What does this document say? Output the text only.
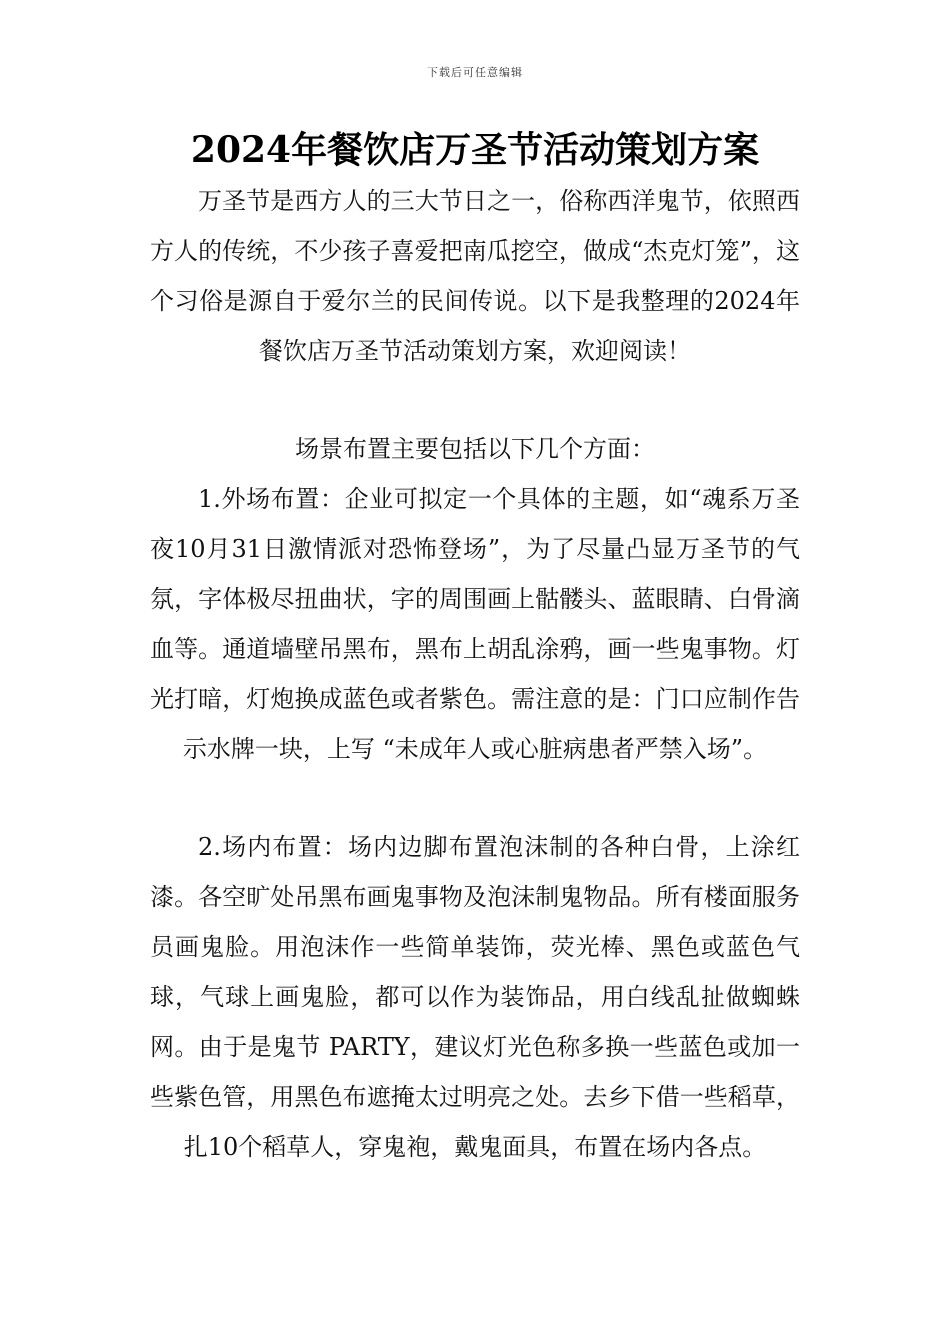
下载后可任意编辑
2024年餐饮店万圣节活动策划方案

万圣节是西方人的三大节日之一，俗称西洋鬼节，依照西方人的传统，不少孩子喜爱把南瓜挖空，做成“杰克灯笼”，这个习俗是源自于爱尔兰的民间传说。以下是我整理的2024年餐饮店万圣节活动策划方案，欢迎阅读！

场景布置主要包括以下几个方面：

1.外场布置：企业可拟定一个具体的主题，如“魂系万圣夜10月31日激情派对恐怖登场”，为了尽量凸显万圣节的气氛，字体极尽扭曲状，字的周围画上骷髅头、蓝眼睛、白骨滴血等。通道墙壁吊黑布，黑布上胡乱涂鸦，画一些鬼事物。灯光打暗，灯炮换成蓝色或者紫色。需注意的是：门口应制作告示水牌一块，上写 “未成年人或心脏病患者严禁入场”。

2.场内布置：场内边脚布置泡沫制的各种白骨，上涂红漆。各空旷处吊黑布画鬼事物及泡沫制鬼物品。所有楼面服务员画鬼脸。用泡沫作一些简单装饰，荧光棒、黑色或蓝色气球，气球上画鬼脸，都可以作为装饰品，用白线乱扯做蜘蛛网。由于是鬼节 PARTY，建议灯光色称多换一些蓝色或加一些紫色管，用黑色布遮掩太过明亮之处。去乡下借一些稻草，扎10个稻草人，穿鬼袍，戴鬼面具，布置在场内各点。
